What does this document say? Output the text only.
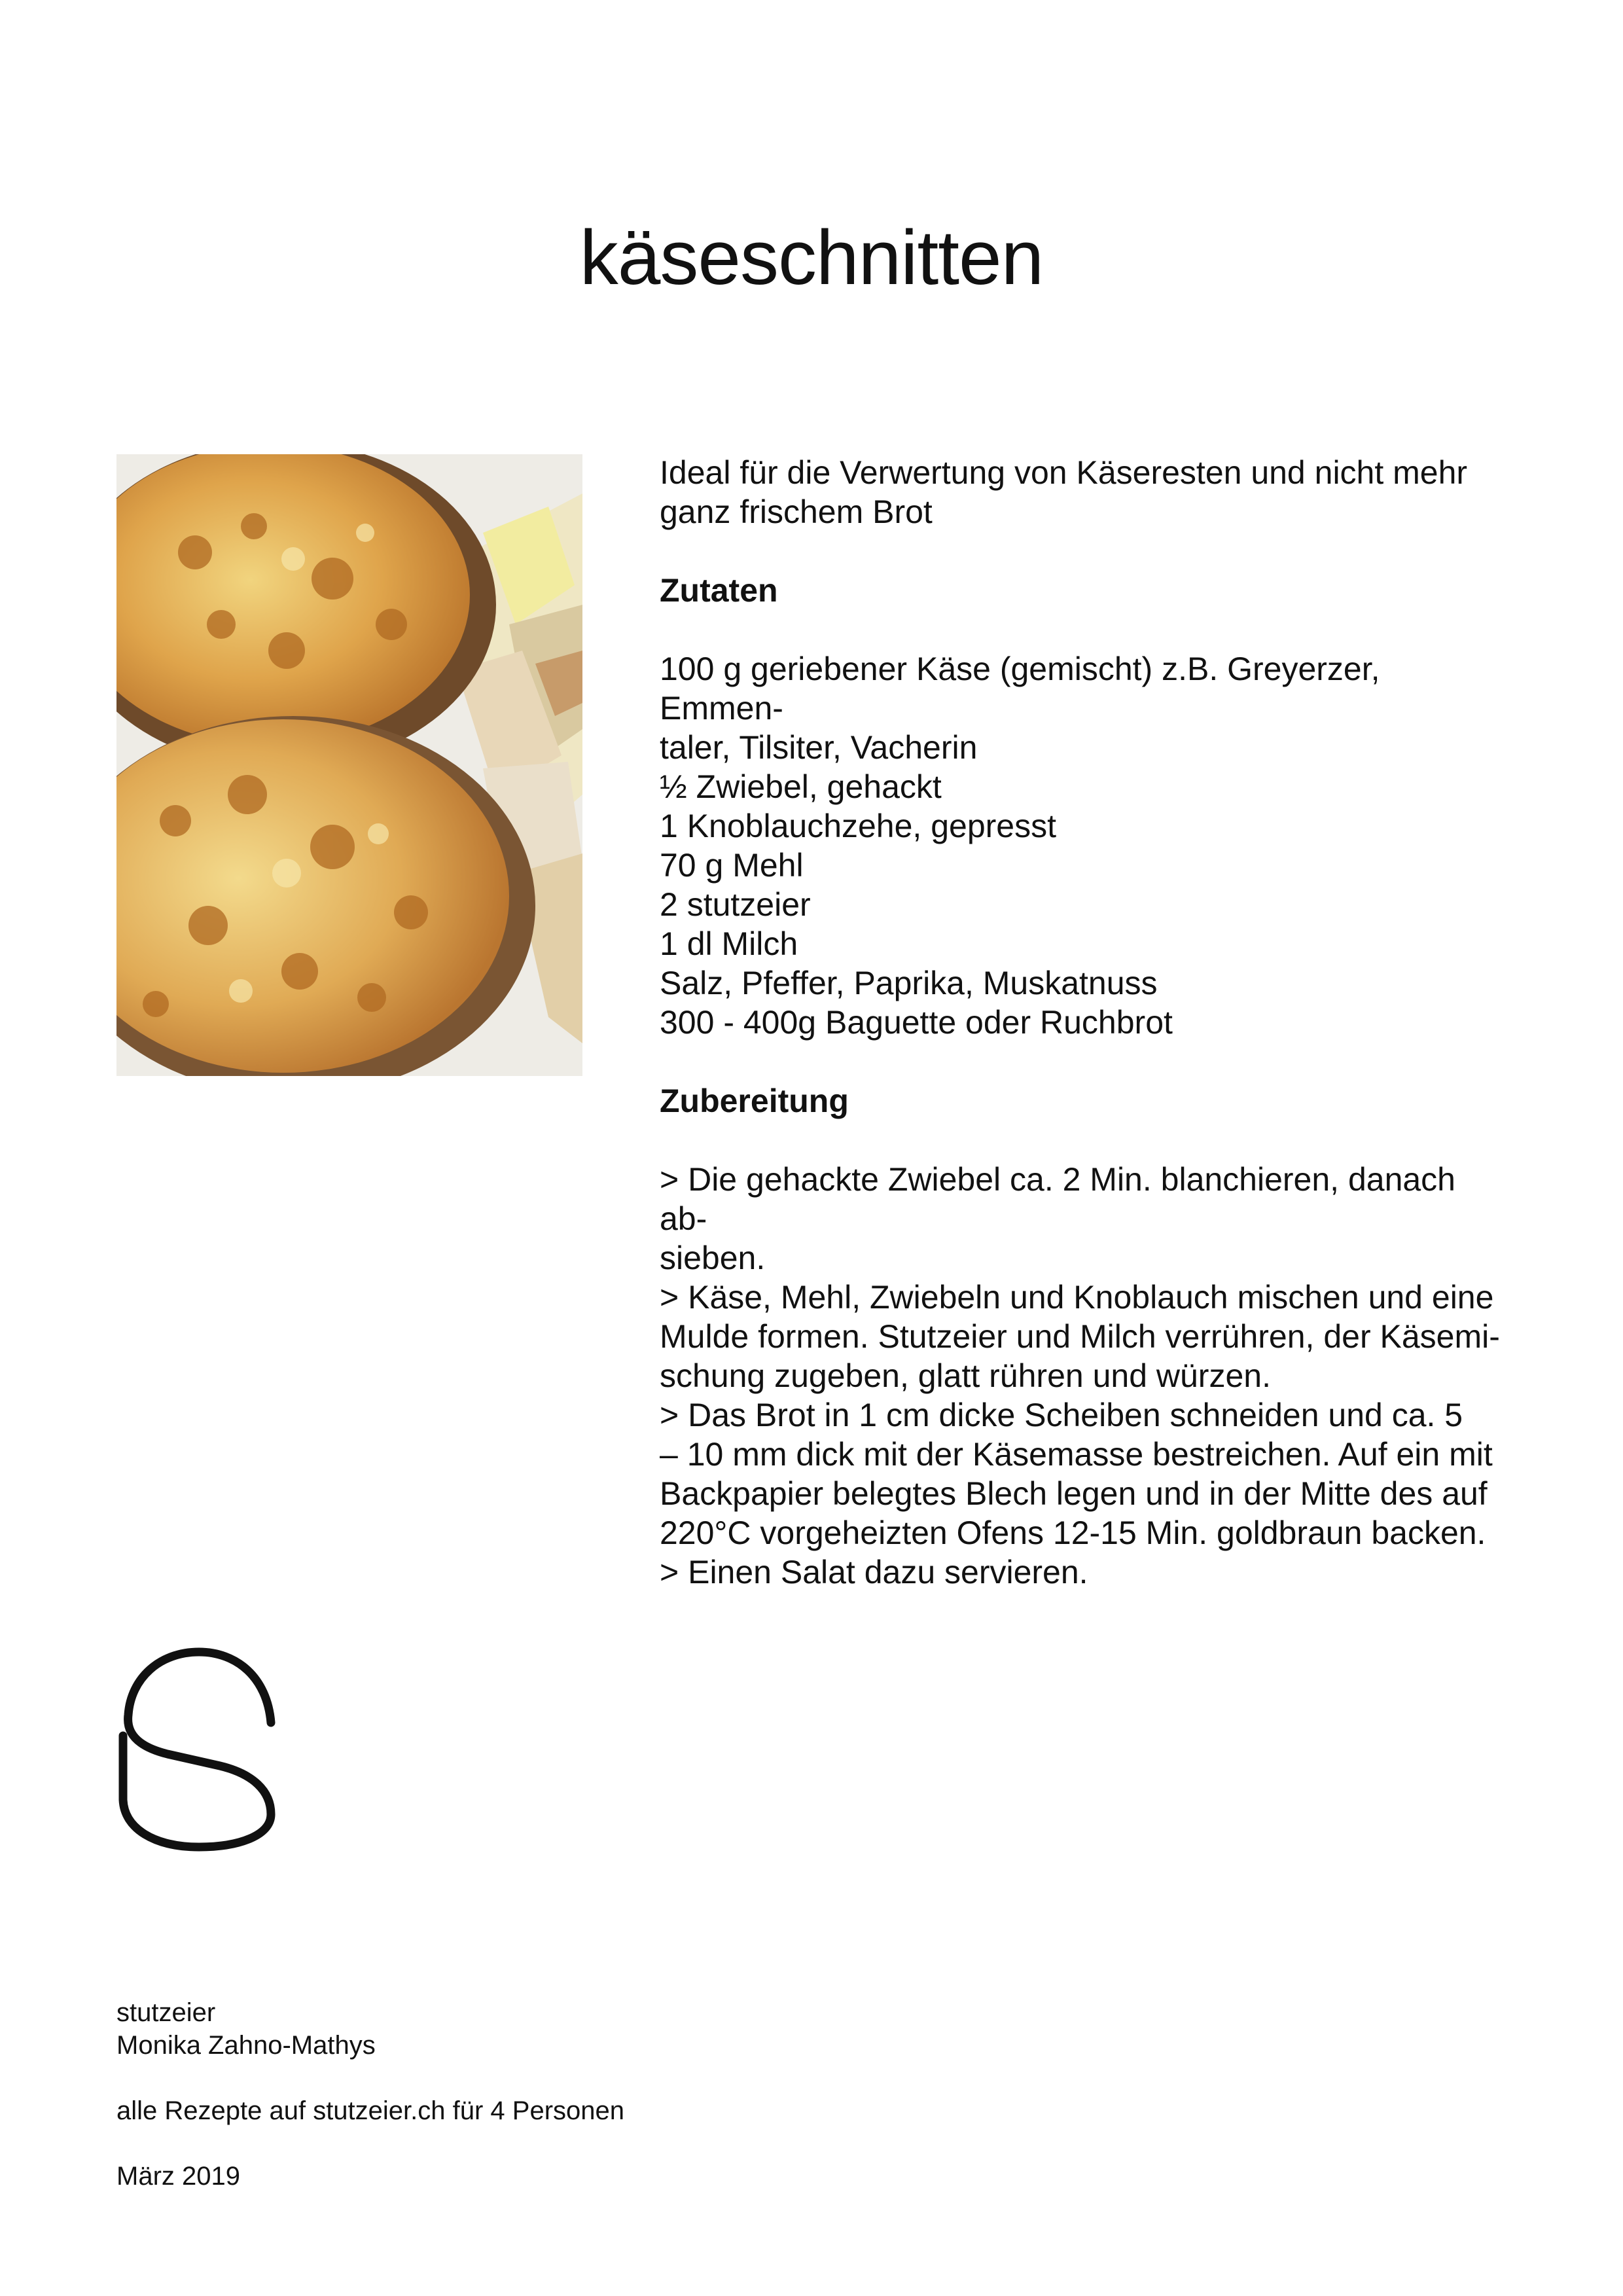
käseschnitten

Ideal für die Verwertung von Käseresten und nicht mehr

ganz frischem Brot

Zutaten

100 g geriebener Käse (gemischt) z.B. Greyerzer, Emmen-

taler, Tilsiter, Vacherin

½ Zwiebel, gehackt

1 Knoblauchzehe, gepresst

70 g Mehl

2 stutzeier

1 dl Milch

Salz, Pfeffer, Paprika, Muskatnuss

300 - 400g Baguette oder Ruchbrot

Zubereitung

> Die gehackte Zwiebel ca. 2 Min. blanchieren, danach ab-

sieben.

> Käse, Mehl, Zwiebeln und Knoblauch mischen und eine

Mulde formen. Stutzeier und Milch verrühren, der Käsemi-

schung zugeben, glatt rühren und würzen.

> Das Brot in 1 cm dicke Scheiben schneiden und ca. 5

– 10 mm dick mit der Käsemasse bestreichen. Auf ein mit

Backpapier belegtes Blech legen und in der Mitte des auf

220°C vorgeheizten Ofens 12-15 Min. goldbraun backen.

> Einen Salat dazu servieren.

stutzeier

Monika Zahno-Mathys

alle Rezepte auf stutzeier.ch für 4 Personen

März 2019
